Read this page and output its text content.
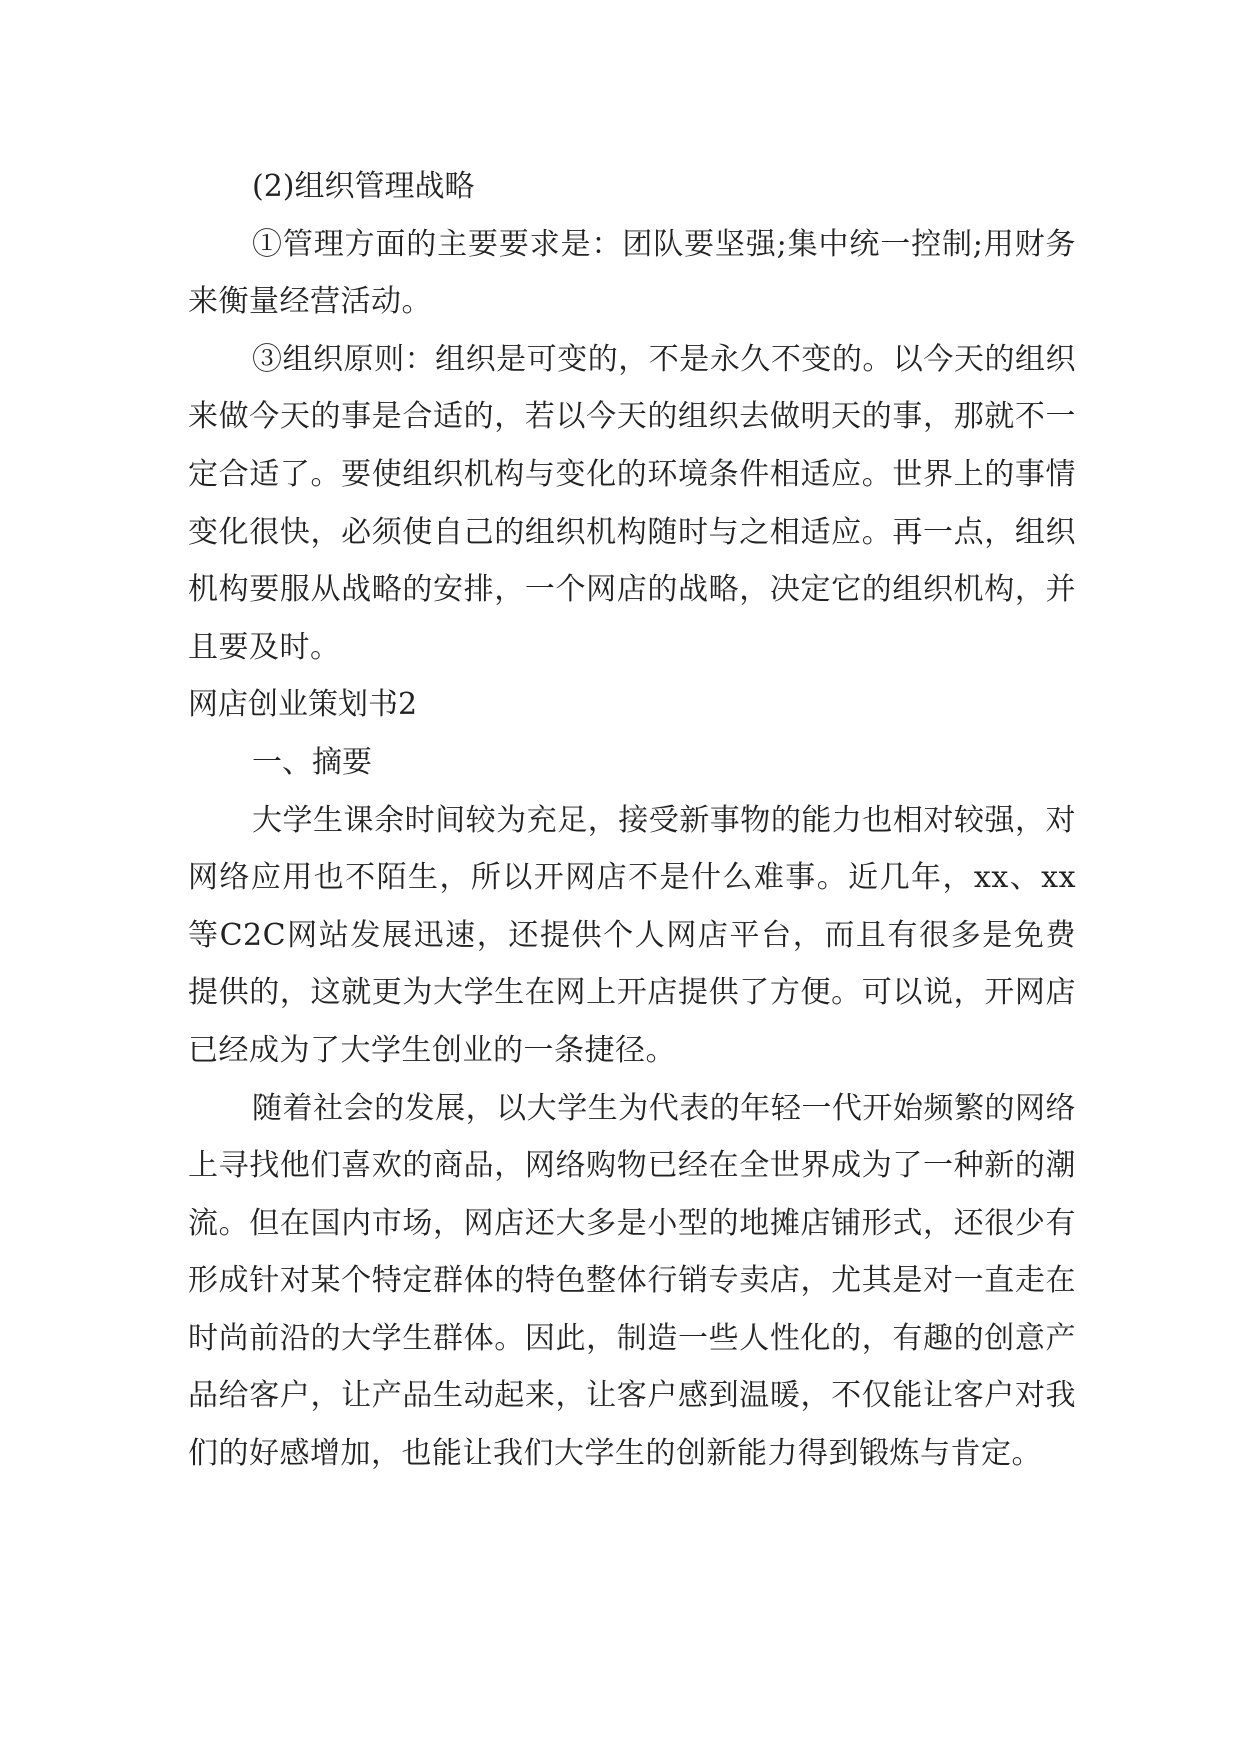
(2)组织管理战略

①管理方面的主要要求是：团队要坚强;集中统一控制;用财务来衡量经营活动。

③组织原则：组织是可变的，不是永久不变的。以今天的组织来做今天的事是合适的，若以今天的组织去做明天的事，那就不一定合适了。要使组织机构与变化的环境条件相适应。世界上的事情变化很快，必须使自己的组织机构随时与之相适应。再一点，组织机构要服从战略的安排，一个网店的战略，决定它的组织机构，并且要及时。

网店创业策划书2

一、摘要

大学生课余时间较为充足，接受新事物的能力也相对较强，对网络应用也不陌生，所以开网店不是什么难事。近几年，xx、xx等C2C网站发展迅速，还提供个人网店平台，而且有很多是免费提供的，这就更为大学生在网上开店提供了方便。可以说，开网店已经成为了大学生创业的一条捷径。

随着社会的发展，以大学生为代表的年轻一代开始频繁的网络上寻找他们喜欢的商品，网络购物已经在全世界成为了一种新的潮流。但在国内市场，网店还大多是小型的地摊店铺形式，还很少有形成针对某个特定群体的特色整体行销专卖店，尤其是对一直走在时尚前沿的大学生群体。因此，制造一些人性化的，有趣的创意产品给客户，让产品生动起来，让客户感到温暖，不仅能让客户对我们的好感增加，也能让我们大学生的创新能力得到锻炼与肯定。
